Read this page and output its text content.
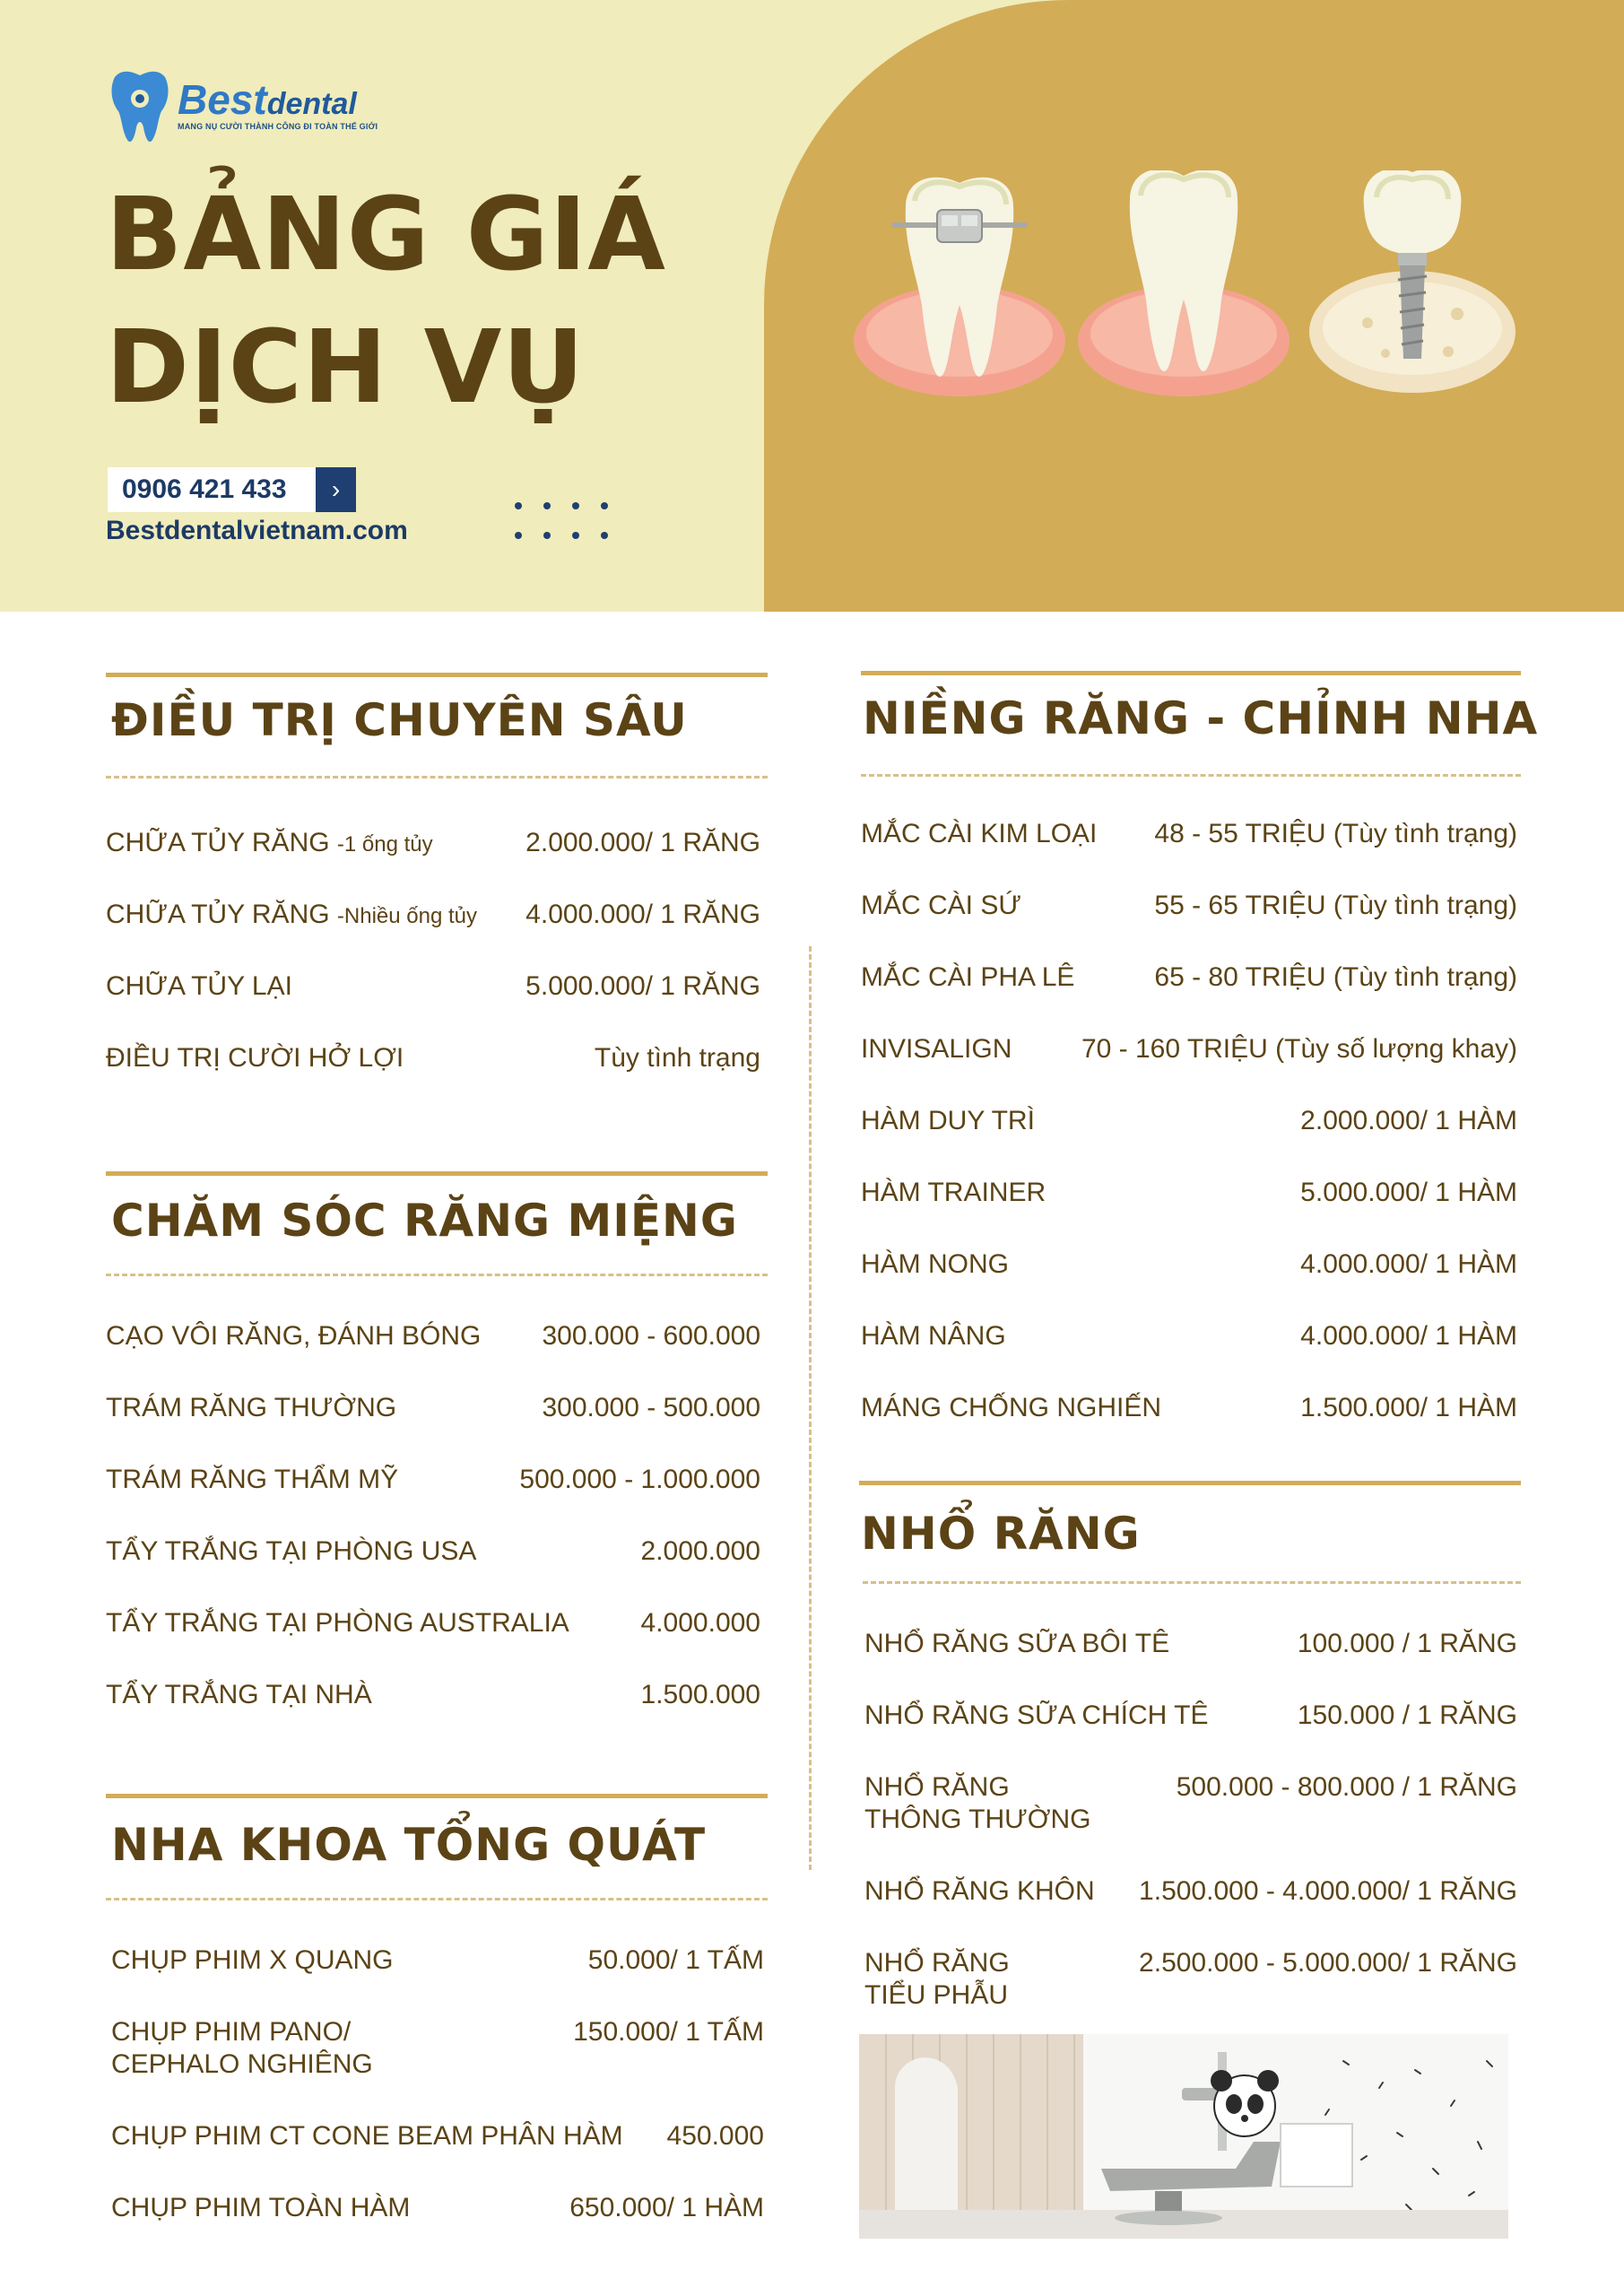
Bestdental
MANG NỤ CƯỜI THÀNH CÔNG ĐI TOÀN THẾ GIỚI
BẢNG GIÁ
DỊCH VỤ
0906 421 433	›
Bestdentalvietnam.com
ĐIỀU TRỊ CHUYÊN SÂU
CHỮA TỦY RĂNG -1 ống tủy	2.000.000/ 1 RĂNG
CHỮA TỦY RĂNG -Nhiều ống tủy 4.000.000/ 1 RĂNG
CHỮA TỦY LẠI	5.000.000/ 1 RĂNG
ĐIỀU TRỊ CƯỜI HỞ LỢI	Tùy tình trạng
CHĂM SÓC RĂNG MIỆNG
CẠO VÔI RĂNG, ĐÁNH BÓNG 300.000 - 600.000
TRÁM RĂNG THƯỜNG	300.000 - 500.000
TRÁM RĂNG THẨM MỸ	500.000 - 1.000.000
TẨY TRẮNG TẠI PHÒNG USA	2.000.000
TẨY TRẮNG TẠI PHÒNG AUSTRALIA	4.000.000
TẨY TRẮNG TẠI NHÀ	1.500.000
NHA KHOA TỔNG QUÁT
CHỤP PHIM X QUANG	50.000/ 1 TẤM
CHỤP PHIM PANO/
CEPHALO NGHIÊNG
150.000/ 1 TẤM
CHỤP PHIM CT CONE BEAM PHÂN HÀM 450.000
CHỤP PHIM TOÀN HÀM	650.000/ 1 HÀM
NIỀNG RĂNG - CHỈNH NHA
MẮC CÀI KIM LOẠI 48 - 55 TRIỆU (Tùy tình trạng)
MẮC CÀI SỨ	55 - 65 TRIỆU (Tùy tình trạng)
MẮC CÀI PHA LÊ	65 - 80 TRIỆU (Tùy tình trạng)
INVISALIGN	70 - 160 TRIỆU (Tùy số lượng khay)
HÀM DUY TRÌ	2.000.000/ 1 HÀM
HÀM TRAINER	5.000.000/ 1 HÀM
HÀM NONG	4.000.000/ 1 HÀM
HÀM NÂNG	4.000.000/ 1 HÀM
MÁNG CHỐNG NGHIẾN	1.500.000/ 1 HÀM
NHỔ RĂNG
NHỔ RĂNG SỮA BÔI TÊ	100.000 / 1 RĂNG
NHỔ RĂNG SỮA CHÍCH TÊ	150.000 / 1 RĂNG
NHỔ RĂNG
THÔNG THƯỜNG
500.000 - 800.000 / 1 RĂNG
NHỔ RĂNG KHÔN 1.500.000 - 4.000.000/ 1 RĂNG
NHỔ RĂNG
TIỂU PHẪU
2.500.000 - 5.000.000/ 1 RĂNG
